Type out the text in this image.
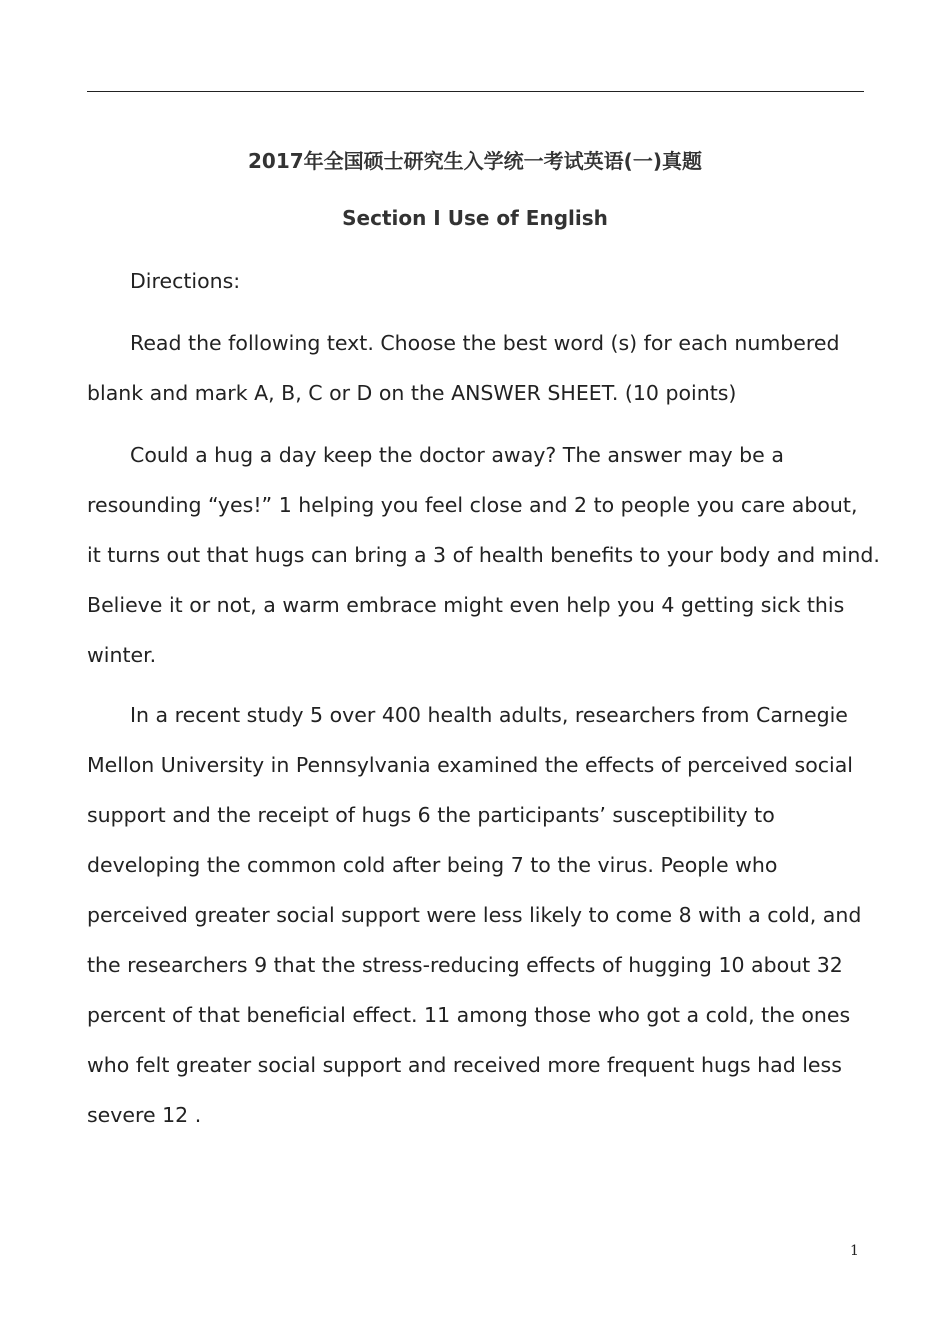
2017年全国硕士研究生入学统一考试英语(一)真题
Section I Use of English

Directions:

Read the following text. Choose the best word (s) for each numbered
blank and mark A, B, C or D on the ANSWER SHEET. (10 points)

Could a hug a day keep the doctor away? The answer may be a
resounding “yes!” 1 helping you feel close and 2 to people you care about,
it turns out that hugs can bring a 3 of health benefits to your body and mind.
Believe it or not, a warm embrace might even help you 4 getting sick this
winter.

In a recent study 5 over 400 health adults, researchers from Carnegie
Mellon University in Pennsylvania examined the effects of perceived social
support and the receipt of hugs 6 the participants’ susceptibility to
developing the common cold after being 7 to the virus. People who
perceived greater social support were less likely to come 8 with a cold, and
the researchers 9 that the stress-reducing effects of hugging 10 about 32
percent of that beneficial effect. 11 among those who got a cold, the ones
who felt greater social support and received more frequent hugs had less
severe 12 .

1
